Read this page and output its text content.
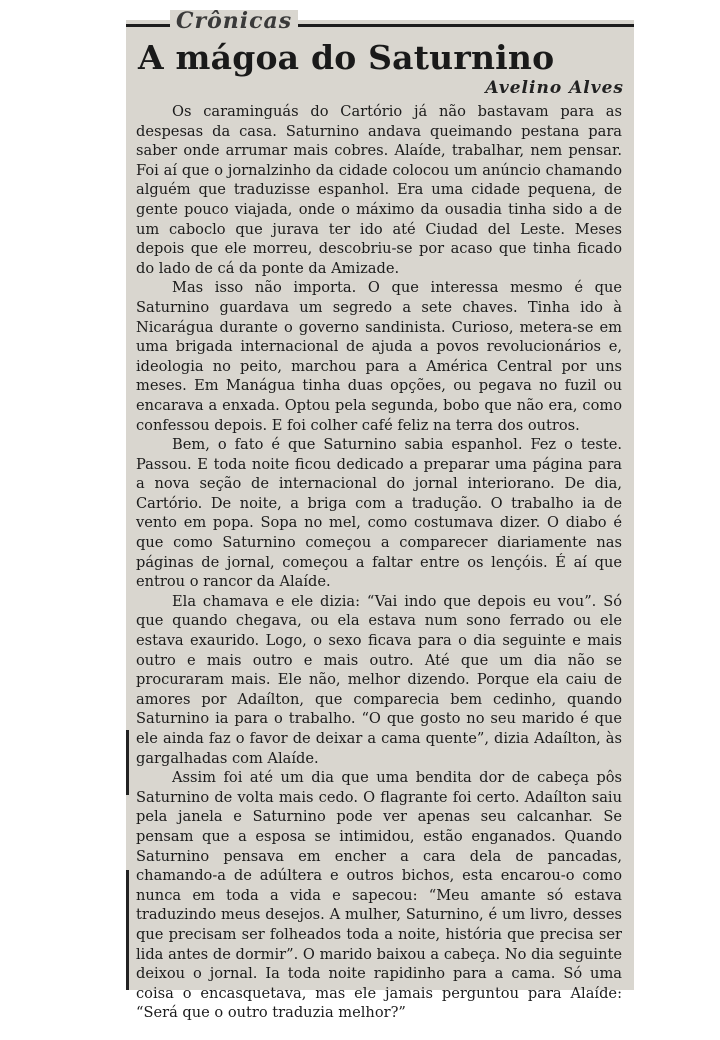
Crônicas
A mágoa do Saturnino
Avelino Alves

Os caraminguás do Cartório já não bastavam para as despesas da casa. Saturnino andava queimando pestana para saber onde arrumar mais cobres. Alaíde, trabalhar, nem pensar. Foi aí que o jornalzinho da cidade colocou um anúncio chamando alguém que traduzisse espanhol. Era uma cidade pequena, de gente pouco viajada, onde o máximo da ousadia tinha sido a de um caboclo que jurava ter ido até Ciudad del Leste. Meses depois que ele morreu, descobriu-se por acaso que tinha ficado do lado de cá da ponte da Amizade.

Mas isso não importa. O que interessa mesmo é que Saturnino guardava um segredo a sete chaves. Tinha ido à Nicarágua durante o governo sandinista. Curioso, metera-se em uma brigada internacional de ajuda a povos revolucionários e, ideologia no peito, marchou para a América Central por uns meses. Em Manágua tinha duas opções, ou pegava no fuzil ou encarava a enxada. Optou pela segunda, bobo que não era, como confessou depois. E foi colher café feliz na terra dos outros.

Bem, o fato é que Saturnino sabia espanhol. Fez o teste. Passou. E toda noite ficou dedicado a preparar uma página para a nova seção de internacional do jornal interiorano. De dia, Cartório. De noite, a briga com a tradução. O trabalho ia de vento em popa. Sopa no mel, como costumava dizer. O diabo é que como Saturnino começou a comparecer diariamente nas páginas de jornal, começou a faltar entre os lençóis. É aí que entrou o rancor da Alaíde.

Ela chamava e ele dizia: “Vai indo que depois eu vou”. Só que quando chegava, ou ela estava num sono ferrado ou ele estava exaurido. Logo, o sexo ficava para o dia seguinte e mais outro e mais outro e mais outro. Até que um dia não se procuraram mais. Ele não, melhor dizendo. Porque ela caiu de amores por Adaílton, que comparecia bem cedinho, quando Saturnino ia para o trabalho. “O que gosto no seu marido é que ele ainda faz o favor de deixar a cama quente”, dizia Adaílton, às gargalhadas com Alaíde.

Assim foi até um dia que uma bendita dor de cabeça pôs Saturnino de volta mais cedo. O flagrante foi certo. Adaílton saiu pela janela e Saturnino pode ver apenas seu calcanhar. Se pensam que a esposa se intimidou, estão enganados. Quando Saturnino pensava em encher a cara dela de pancadas, chamando-a de adúltera e outros bichos, esta encarou-o como nunca em toda a vida e sapecou: “Meu amante só estava traduzindo meus desejos. A mulher, Saturnino, é um livro, desses que precisam ser folheados toda a noite, história que precisa ser lida antes de dormir”. O marido baixou a cabeça. No dia seguinte deixou o jornal. Ia toda noite rapidinho para a cama. Só uma coisa o encasquetava, mas ele jamais perguntou para Alaíde: “Será que o outro traduzia melhor?”
